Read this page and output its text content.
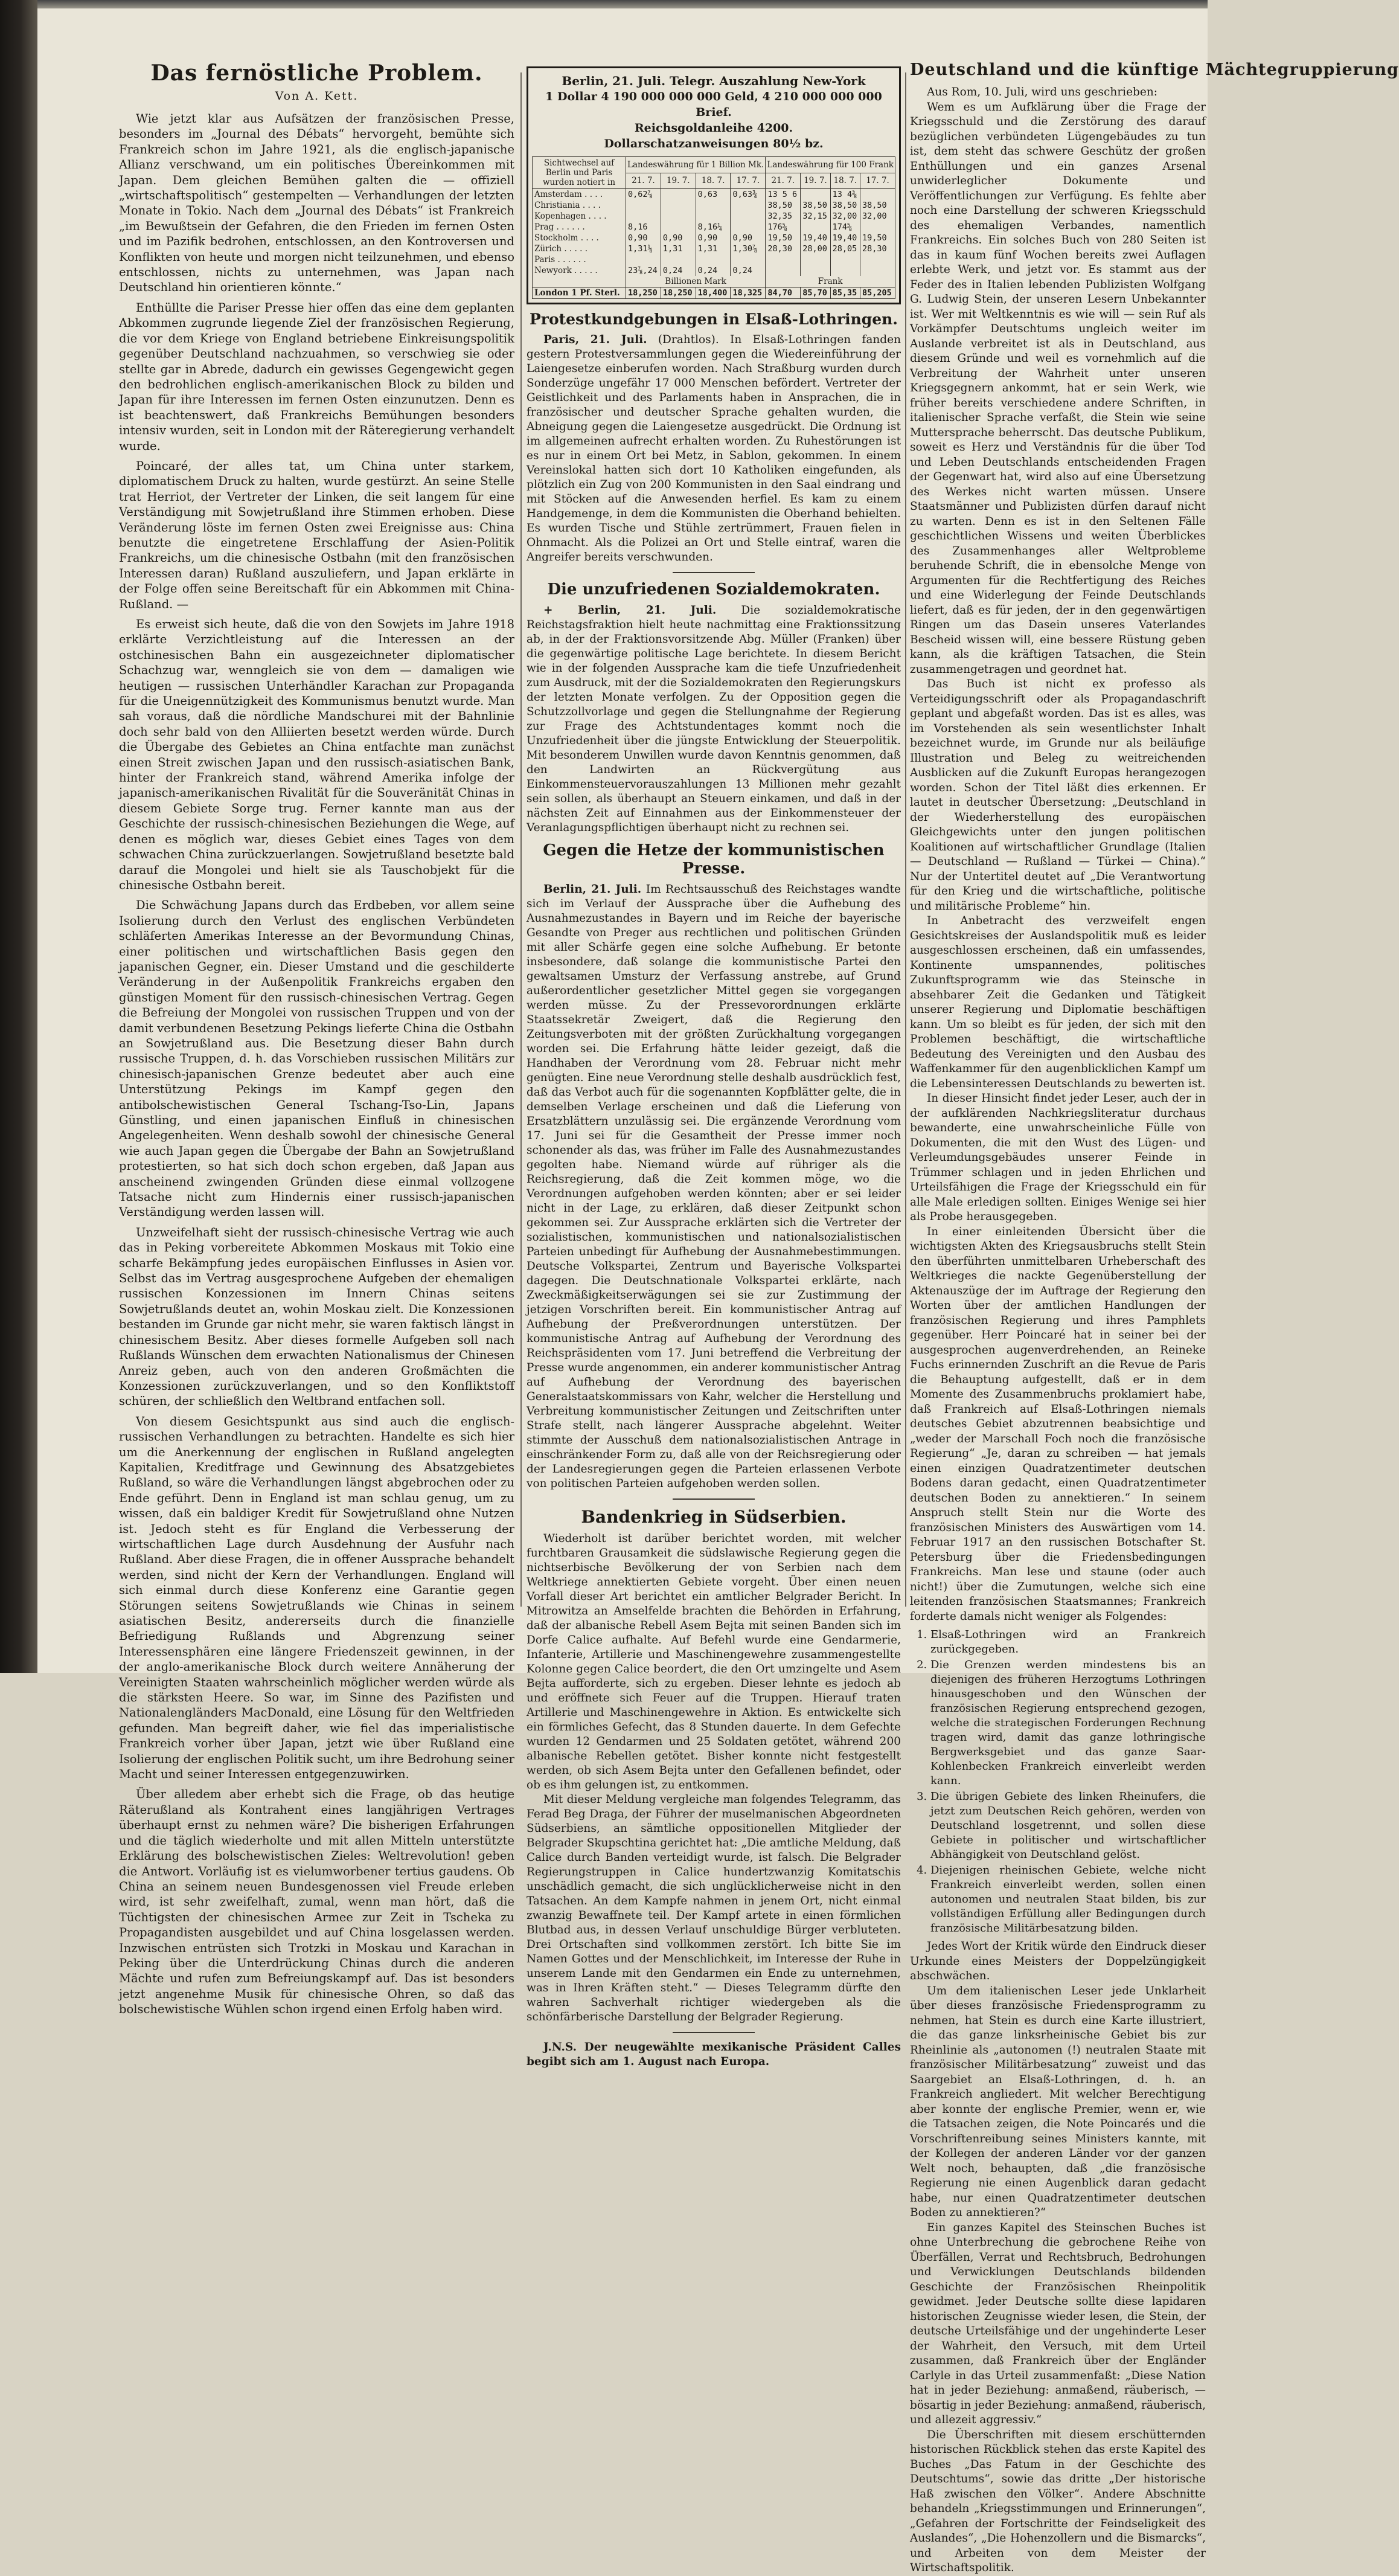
Das fernöstliche Problem.
Von A. Kett.

Wie jetzt klar aus Aufsätzen der französischen Presse, besonders im „Journal des Débats“ hervorgeht, bemühte sich Frankreich schon im Jahre 1921, als die englisch-japanische Allianz verschwand, um ein politisches Übereinkommen mit Japan. Dem gleichen Bemühen galten die — offiziell „wirtschaftspolitisch“ gestempelten — Verhandlungen der letzten Monate in Tokio. Nach dem „Journal des Débats“ ist Frankreich „im Bewußtsein der Gefahren, die den Frieden im fernen Osten und im Pazifik bedrohen, entschlossen, an den Kontroversen und Konflikten von heute und morgen nicht teilzunehmen, und ebenso entschlossen, nichts zu unternehmen, was Japan nach Deutschland hin orientieren könnte.“

Enthüllte die Pariser Presse hier offen das eine dem geplanten Abkommen zugrunde liegende Ziel der französischen Regierung, die vor dem Kriege von England betriebene Einkreisungspolitik gegenüber Deutschland nachzuahmen, so verschwieg sie oder stellte gar in Abrede, dadurch ein gewisses Gegengewicht gegen den bedrohlichen englisch-amerikanischen Block zu bilden und Japan für ihre Interessen im fernen Osten einzunutzen. Denn es ist beachtenswert, daß Frankreichs Bemühungen besonders intensiv wurden, seit in London mit der Räteregierung verhandelt wurde.

Poincaré, der alles tat, um China unter starkem, diplomatischem Druck zu halten, wurde gestürzt. An seine Stelle trat Herriot, der Vertreter der Linken, die seit langem für eine Verständigung mit Sowjetrußland ihre Stimmen erhoben. Diese Veränderung löste im fernen Osten zwei Ereignisse aus: China benutzte die eingetretene Erschlaffung der Asien-Politik Frankreichs, um die chinesische Ostbahn (mit den französischen Interessen daran) Rußland auszuliefern, und Japan erklärte in der Folge offen seine Bereitschaft für ein Abkommen mit China-Rußland. —

Es erweist sich heute, daß die von den Sowjets im Jahre 1918 erklärte Verzichtleistung auf die Interessen an der ostchinesischen Bahn ein ausgezeichneter diplomatischer Schachzug war, wenngleich sie von dem — damaligen wie heutigen — russischen Unterhändler Karachan zur Propaganda für die Uneigennützigkeit des Kommunismus benutzt wurde. Man sah voraus, daß die nördliche Mandschurei mit der Bahnlinie doch sehr bald von den Alliierten besetzt werden würde. Durch die Übergabe des Gebietes an China entfachte man zunächst einen Streit zwischen Japan und den russisch-asiatischen Bank, hinter der Frankreich stand, während Amerika infolge der japanisch-amerikanischen Rivalität für die Souveränität Chinas in diesem Gebiete Sorge trug. Ferner kannte man aus der Geschichte der russisch-chinesischen Beziehungen die Wege, auf denen es möglich war, dieses Gebiet eines Tages von dem schwachen China zurückzuerlangen. Sowjetrußland besetzte bald darauf die Mongolei und hielt sie als Tauschobjekt für die chinesische Ostbahn bereit.

Die Schwächung Japans durch das Erdbeben, vor allem seine Isolierung durch den Verlust des englischen Verbündeten schläferten Amerikas Interesse an der Bevormundung Chinas, einer politischen und wirtschaftlichen Basis gegen den japanischen Gegner, ein. Dieser Umstand und die geschilderte Veränderung in der Außenpolitik Frankreichs ergaben den günstigen Moment für den russisch-chinesischen Vertrag. Gegen die Befreiung der Mongolei von russischen Truppen und von der damit verbundenen Besetzung Pekings lieferte China die Ostbahn an Sowjetrußland aus. Die Besetzung dieser Bahn durch russische Truppen, d. h. das Vorschieben russischen Militärs zur chinesisch-japanischen Grenze bedeutet aber auch eine Unterstützung Pekings im Kampf gegen den antibolschewistischen General Tschang-Tso-Lin, Japans Günstling, und einen japanischen Einfluß in chinesischen Angelegenheiten. Wenn deshalb sowohl der chinesische General wie auch Japan gegen die Übergabe der Bahn an Sowjetrußland protestierten, so hat sich doch schon ergeben, daß Japan aus anscheinend zwingenden Gründen diese einmal vollzogene Tatsache nicht zum Hindernis einer russisch-japanischen Verständigung werden lassen will.

Unzweifelhaft sieht der russisch-chinesische Vertrag wie auch das in Peking vorbereitete Abkommen Moskaus mit Tokio eine scharfe Bekämpfung jedes europäischen Einflusses in Asien vor. Selbst das im Vertrag ausgesprochene Aufgeben der ehemaligen russischen Konzessionen im Innern Chinas seitens Sowjetrußlands deutet an, wohin Moskau zielt. Die Konzessionen bestanden im Grunde gar nicht mehr, sie waren faktisch längst in chinesischem Besitz. Aber dieses formelle Aufgeben soll nach Rußlands Wünschen dem erwachten Nationalismus der Chinesen Anreiz geben, auch von den anderen Großmächten die Konzessionen zurückzuverlangen, und so den Konfliktstoff schüren, der schließlich den Weltbrand entfachen soll.

Von diesem Gesichtspunkt aus sind auch die englisch-russischen Verhandlungen zu betrachten. Handelte es sich hier um die Anerkennung der englischen in Rußland angelegten Kapitalien, Kreditfrage und Gewinnung des Absatzgebietes Rußland, so wäre die Verhandlungen längst abgebrochen oder zu Ende geführt. Denn in England ist man schlau genug, um zu wissen, daß ein baldiger Kredit für Sowjetrußland ohne Nutzen ist. Jedoch steht es für England die Verbesserung der wirtschaftlichen Lage durch Ausdehnung der Ausfuhr nach Rußland. Aber diese Fragen, die in offener Aussprache behandelt werden, sind nicht der Kern der Verhandlungen. England will sich einmal durch diese Konferenz eine Garantie gegen Störungen seitens Sowjetrußlands wie Chinas in seinem asiatischen Besitz, andererseits durch die finanzielle Befriedigung Rußlands und Abgrenzung seiner Interessensphären eine längere Friedenszeit gewinnen, in der der anglo-amerikanische Block durch weitere Annäherung der Vereinigten Staaten wahrscheinlich möglicher werden würde als die stärksten Heere. So war, im Sinne des Pazifisten und Nationalengländers MacDonald, eine Lösung für den Weltfrieden gefunden. Man begreift daher, wie fiel das imperialistische Frankreich vorher über Japan, jetzt wie über Rußland eine Isolierung der englischen Politik sucht, um ihre Bedrohung seiner Macht und seiner Interessen entgegenzuwirken.

Über alledem aber erhebt sich die Frage, ob das heutige Räterußland als Kontrahent eines langjährigen Vertrages überhaupt ernst zu nehmen wäre? Die bisherigen Erfahrungen und die täglich wiederholte und mit allen Mitteln unterstützte Erklärung des bolschewistischen Zieles: Weltrevolution! geben die Antwort. Vorläufig ist es vielumworbener tertius gaudens. Ob China an seinem neuen Bundesgenossen viel Freude erleben wird, ist sehr zweifelhaft, zumal, wenn man hört, daß die Tüchtigsten der chinesischen Armee zur Zeit in Tscheka zu Propagandisten ausgebildet und auf China losgelassen werden. Inzwischen entrüsten sich Trotzki in Moskau und Karachan in Peking über die Unterdrückung Chinas durch die anderen Mächte und rufen zum Befreiungskampf auf. Das ist besonders jetzt angenehme Musik für chinesische Ohren, so daß das bolschewistische Wühlen schon irgend einen Erfolg haben wird.

Berlin, 21. Juli. Telegr. Auszahlung New-York
1 Dollar 4 190 000 000 000 Geld, 4 210 000 000 000 Brief.
Reichsgoldanleihe 4200.
Dollarschatzanweisungen 80½ bz.
Sichtwechsel auf Berlin und Paris wurden notiert in	Landeswährung für 1 Billion Mk.				Landeswährung für 100 Frank			
	21. 7.	19. 7.	18. 7.	17. 7.	21. 7.	19. 7.	18. 7.	17. 7.
Amsterdam . . . .	0,62⅞		0,63	0,63¾	13 5 6		13 4⅜	
Christiania . . . .					38,50	38,50	38,50	38,50
Kopenhagen . . . .					32,35	32,15	32,00	32,00
Prag . . . . . .	8,16		8,16¼		176⅝		174⅝	
Stockholm . . . .	0,90	0,90	0,90	0,90	19,50	19,40	19,40	19,50
Zürich . . . . .	1,31⅛	1,31	1,31	1,30⅞	28,30	28,00	28,05	28,30
Paris . . . . . .								
Newyork . . . . .	23⅞,24	0,24	0,24	0,24				
	Billionen Mark				Frank			
London 1 Pf. Sterl.	18,250	18,250	18,400	18,325	84,70	85,70	85,35	85,205
Protestkundgebungen in Elsaß-Lothringen.

Paris, 21. Juli. (Drahtlos). In Elsaß-Lothringen fanden gestern Protestversammlungen gegen die Wiedereinführung der Laiengesetze einberufen worden. Nach Straßburg wurden durch Sonderzüge ungefähr 17 000 Menschen befördert. Vertreter der Geistlichkeit und des Parlaments haben in Ansprachen, die in französischer und deutscher Sprache gehalten wurden, die Abneigung gegen die Laiengesetze ausgedrückt. Die Ordnung ist im allgemeinen aufrecht erhalten worden. Zu Ruhestörungen ist es nur in einem Ort bei Metz, in Sablon, gekommen. In einem Vereinslokal hatten sich dort 10 Katholiken eingefunden, als plötzlich ein Zug von 200 Kommunisten in den Saal eindrang und mit Stöcken auf die Anwesenden herfiel. Es kam zu einem Handgemenge, in dem die Kommunisten die Oberhand behielten. Es wurden Tische und Stühle zertrümmert, Frauen fielen in Ohnmacht. Als die Polizei an Ort und Stelle eintraf, waren die Angreifer bereits verschwunden.

Die unzufriedenen Sozialdemokraten.

+ Berlin, 21. Juli. Die sozialdemokratische Reichstagsfraktion hielt heute nachmittag eine Fraktionssitzung ab, in der der Fraktionsvorsitzende Abg. Müller (Franken) über die gegenwärtige politische Lage berichtete. In diesem Bericht wie in der folgenden Aussprache kam die tiefe Unzufriedenheit zum Ausdruck, mit der die Sozialdemokraten den Regierungskurs der letzten Monate verfolgen. Zu der Opposition gegen die Schutzzollvorlage und gegen die Stellungnahme der Regierung zur Frage des Achtstundentages kommt noch die Unzufriedenheit über die jüngste Entwicklung der Steuerpolitik. Mit besonderem Unwillen wurde davon Kenntnis genommen, daß den Landwirten an Rückvergütung aus Einkommensteuervorauszahlungen 13 Millionen mehr gezahlt sein sollen, als überhaupt an Steuern einkamen, und daß in der nächsten Zeit auf Einnahmen aus der Einkommensteuer der Veranlagungspflichtigen überhaupt nicht zu rechnen sei.

Gegen die Hetze der kommunistischen Presse.

Berlin, 21. Juli. Im Rechtsausschuß des Reichstages wandte sich im Verlauf der Aussprache über die Aufhebung des Ausnahmezustandes in Bayern und im Reiche der bayerische Gesandte von Preger aus rechtlichen und politischen Gründen mit aller Schärfe gegen eine solche Aufhebung. Er betonte insbesondere, daß solange die kommunistische Partei den gewaltsamen Umsturz der Verfassung anstrebe, auf Grund außerordentlicher gesetzlicher Mittel gegen sie vorgegangen werden müsse. Zu der Pressevorordnungen erklärte Staatssekretär Zweigert, daß die Regierung den Zeitungsverboten mit der größten Zurückhaltung vorgegangen worden sei. Die Erfahrung hätte leider gezeigt, daß die Handhaben der Verordnung vom 28. Februar nicht mehr genügten. Eine neue Verordnung stelle deshalb ausdrücklich fest, daß das Verbot auch für die sogenannten Kopfblätter gelte, die in demselben Verlage erscheinen und daß die Lieferung von Ersatzblättern unzulässig sei. Die ergänzende Verordnung vom 17. Juni sei für die Gesamtheit der Presse immer noch schonender als das, was früher im Falle des Ausnahmezustandes gegolten habe. Niemand würde auf rühriger als die Reichsregierung, daß die Zeit kommen möge, wo die Verordnungen aufgehoben werden könnten; aber er sei leider nicht in der Lage, zu erklären, daß dieser Zeitpunkt schon gekommen sei. Zur Aussprache erklärten sich die Vertreter der sozialistischen, kommunistischen und nationalsozialistischen Parteien unbedingt für Aufhebung der Ausnahmebestimmungen. Deutsche Volkspartei, Zentrum und Bayerische Volkspartei dagegen. Die Deutschnationale Volkspartei erklärte, nach Zweckmäßigkeitserwägungen sei sie zur Zustimmung der jetzigen Vorschriften bereit. Ein kommunistischer Antrag auf Aufhebung der Preßverordnungen unterstützen. Der kommunistische Antrag auf Aufhebung der Verordnung des Reichspräsidenten vom 17. Juni betreffend die Verbreitung der Presse wurde angenommen, ein anderer kommunistischer Antrag auf Aufhebung der Verordnung des bayerischen Generalstaatskommissars von Kahr, welcher die Herstellung und Verbreitung kommunistischer Zeitungen und Zeitschriften unter Strafe stellt, nach längerer Aussprache abgelehnt. Weiter stimmte der Ausschuß dem nationalsozialistischen Antrage in einschränkender Form zu, daß alle von der Reichsregierung oder der Landesregierungen gegen die Parteien erlassenen Verbote von politischen Parteien aufgehoben werden sollen.

Bandenkrieg in Südserbien.

Wiederholt ist darüber berichtet worden, mit welcher furchtbaren Grausamkeit die südslawische Regierung gegen die nichtserbische Bevölkerung der von Serbien nach dem Weltkriege annektierten Gebiete vorgeht. Über einen neuen Vorfall dieser Art berichtet ein amtlicher Belgrader Bericht. In Mitrowitza an Amselfelde brachten die Behörden in Erfahrung, daß der albanische Rebell Asem Bejta mit seinen Banden sich im Dorfe Calice aufhalte. Auf Befehl wurde eine Gendarmerie, Infanterie, Artillerie und Maschinengewehre zusammengestellte Kolonne gegen Calice beordert, die den Ort umzingelte und Asem Bejta aufforderte, sich zu ergeben. Dieser lehnte es jedoch ab und eröffnete sich Feuer auf die Truppen. Hierauf traten Artillerie und Maschinengewehre in Aktion. Es entwickelte sich ein förmliches Gefecht, das 8 Stunden dauerte. In dem Gefechte wurden 12 Gendarmen und 25 Soldaten getötet, während 200 albanische Rebellen getötet. Bisher konnte nicht festgestellt werden, ob sich Asem Bejta unter den Gefallenen befindet, oder ob es ihm gelungen ist, zu entkommen.

Mit dieser Meldung vergleiche man folgendes Telegramm, das Ferad Beg Draga, der Führer der muselmanischen Abgeordneten Südserbiens, an sämtliche oppositionellen Mitglieder der Belgrader Skupschtina gerichtet hat: „Die amtliche Meldung, daß Calice durch Banden verteidigt wurde, ist falsch. Die Belgrader Regierungstruppen in Calice hundertzwanzig Komitatschis unschädlich gemacht, die sich unglücklicherweise nicht in den Tatsachen. An dem Kampfe nahmen in jenem Ort, nicht einmal zwanzig Bewaffnete teil. Der Kampf artete in einen förmlichen Blutbad aus, in dessen Verlauf unschuldige Bürger verbluteten. Drei Ortschaften sind vollkommen zerstört. Ich bitte Sie im Namen Gottes und der Menschlichkeit, im Interesse der Ruhe in unserem Lande mit den Gendarmen ein Ende zu unternehmen, was in Ihren Kräften steht.“ — Dieses Telegramm dürfte den wahren Sachverhalt richtiger wiedergeben als die schönfärberische Darstellung der Belgrader Regierung.

J.N.S. Der neugewählte mexikanische Präsident Calles begibt sich am 1. August nach Europa.

Deutschland und die künftige Mächtegruppierung

Aus Rom, 10. Juli, wird uns geschrieben:

Wem es um Aufklärung über die Frage der Kriegsschuld und die Zerstörung des darauf bezüglichen verbündeten Lügengebäudes zu tun ist, dem steht das schwere Geschütz der großen Enthüllungen und ein ganzes Arsenal unwiderleglicher Dokumente und Veröffentlichungen zur Verfügung. Es fehlte aber noch eine Darstellung der schweren Kriegsschuld des ehemaligen Verbandes, namentlich Frankreichs. Ein solches Buch von 280 Seiten ist das in kaum fünf Wochen bereits zwei Auflagen erlebte Werk, und jetzt vor. Es stammt aus der Feder des in Italien lebenden Publizisten Wolfgang G. Ludwig Stein, der unseren Lesern Unbekannter ist. Wer mit Weltkenntnis es wie will — sein Ruf als Vorkämpfer Deutschtums ungleich weiter im Auslande verbreitet ist als in Deutschland, aus diesem Gründe und weil es vornehmlich auf die Verbreitung der Wahrheit unter unseren Kriegsgegnern ankommt, hat er sein Werk, wie früher bereits verschiedene andere Schriften, in italienischer Sprache verfaßt, die Stein wie seine Muttersprache beherrscht. Das deutsche Publikum, soweit es Herz und Verständnis für die über Tod und Leben Deutschlands entscheidenden Fragen der Gegenwart hat, wird also auf eine Übersetzung des Werkes nicht warten müssen. Unsere Staatsmänner und Publizisten dürfen darauf nicht zu warten. Denn es ist in den Seltenen Fälle geschichtlichen Wissens und weiten Überblickes des Zusammenhanges aller Weltprobleme beruhende Schrift, die in ebensolche Menge von Argumenten für die Rechtfertigung des Reiches und eine Widerlegung der Feinde Deutschlands liefert, daß es für jeden, der in den gegenwärtigen Ringen um das Dasein unseres Vaterlandes Bescheid wissen will, eine bessere Rüstung geben kann, als die kräftigen Tatsachen, die Stein zusammengetragen und geordnet hat.

Das Buch ist nicht ex professo als Verteidigungsschrift oder als Propagandaschrift geplant und abgefaßt worden. Das ist es alles, was im Vorstehenden als sein wesentlichster Inhalt bezeichnet wurde, im Grunde nur als beiläufige Illustration und Beleg zu weitreichenden Ausblicken auf die Zukunft Europas herangezogen worden. Schon der Titel läßt dies erkennen. Er lautet in deutscher Übersetzung: „Deutschland in der Wiederherstellung des europäischen Gleichgewichts unter den jungen politischen Koalitionen auf wirtschaftlicher Grundlage (Italien — Deutschland — Rußland — Türkei — China).“ Nur der Untertitel deutet auf „Die Verantwortung für den Krieg und die wirtschaftliche, politische und militärische Probleme“ hin.

In Anbetracht des verzweifelt engen Gesichtskreises der Auslandspolitik muß es leider ausgeschlossen erscheinen, daß ein umfassendes, Kontinente umspannendes, politisches Zukunftsprogramm wie das Steinsche in absehbarer Zeit die Gedanken und Tätigkeit unserer Regierung und Diplomatie beschäftigen kann. Um so bleibt es für jeden, der sich mit den Problemen beschäftigt, die wirtschaftliche Bedeutung des Vereinigten und den Ausbau des Waffenkammer für den augenblicklichen Kampf um die Lebensinteressen Deutschlands zu bewerten ist.

In dieser Hinsicht findet jeder Leser, auch der in der aufklärenden Nachkriegsliteratur durchaus bewanderte, eine unwahrscheinliche Fülle von Dokumenten, die mit den Wust des Lügen- und Verleumdungsgebäudes unserer Feinde in Trümmer schlagen und in jeden Ehrlichen und Urteilsfähigen die Frage der Kriegsschuld ein für alle Male erledigen sollten. Einiges Wenige sei hier als Probe herausgegeben.

In einer einleitenden Übersicht über die wichtigsten Akten des Kriegsausbruchs stellt Stein den überführten unmittelbaren Urheberschaft des Weltkrieges die nackte Gegenüberstellung der Aktenauszüge der im Auftrage der Regierung den Worten über der amtlichen Handlungen der französischen Regierung und ihres Pamphlets gegenüber. Herr Poincaré hat in seiner bei der ausgesprochen augenverdrehenden, an Reineke Fuchs erinnernden Zuschrift an die Revue de Paris die Behauptung aufgestellt, daß er in dem Momente des Zusammenbruchs proklamiert habe, daß Frankreich auf Elsaß-Lothringen niemals deutsches Gebiet abzutrennen beabsichtige und „weder der Marschall Foch noch die französische Regierung“ „Je, daran zu schreiben — hat jemals einen einzigen Quadratzentimeter deutschen Bodens daran gedacht, einen Quadratzentimeter deutschen Boden zu annektieren.“ In seinem Anspruch stellt Stein nur die Worte des französischen Ministers des Auswärtigen vom 14. Februar 1917 an den russischen Botschafter St. Petersburg über die Friedensbedingungen Frankreichs. Man lese und staune (oder auch nicht!) über die Zumutungen, welche sich eine leitenden französischen Staatsmannes; Frankreich forderte damals nicht weniger als Folgendes:

1. Elsaß-Lothringen wird an Frankreich zurückgegeben.
2. Die Grenzen werden mindestens bis an diejenigen des früheren Herzogtums Lothringen hinausgeschoben und den Wünschen der französischen Regierung entsprechend gezogen, welche die strategischen Forderungen Rechnung tragen wird, damit das ganze lothringische Bergwerksgebiet und das ganze Saar-Kohlenbecken Frankreich einverleibt werden kann.
3. Die übrigen Gebiete des linken Rheinufers, die jetzt zum Deutschen Reich gehören, werden von Deutschland losgetrennt, und sollen diese Gebiete in politischer und wirtschaftlicher Abhängigkeit von Deutschland gelöst.
4. Diejenigen rheinischen Gebiete, welche nicht Frankreich einverleibt werden, sollen einen autonomen und neutralen Staat bilden, bis zur vollständigen Erfüllung aller Bedingungen durch französische Militärbesatzung bilden.

Jedes Wort der Kritik würde den Eindruck dieser Urkunde eines Meisters der Doppelzüngigkeit abschwächen.

Um dem italienischen Leser jede Unklarheit über dieses französische Friedensprogramm zu nehmen, hat Stein es durch eine Karte illustriert, die das ganze linksrheinische Gebiet bis zur Rheinlinie als „autonomen (!) neutralen Staate mit französischer Militärbesatzung“ zuweist und das Saargebiet an Elsaß-Lothringen, d. h. an Frankreich angliedert. Mit welcher Berechtigung aber konnte der englische Premier, wenn er, wie die Tatsachen zeigen, die Note Poincarés und die Vorschriftenreibung seines Ministers kannte, mit der Kollegen der anderen Länder vor der ganzen Welt noch, behaupten, daß „die französische Regierung nie einen Augenblick daran gedacht habe, nur einen Quadratzentimeter deutschen Boden zu annektieren?“

Ein ganzes Kapitel des Steinschen Buches ist ohne Unterbrechung die gebrochene Reihe von Überfällen, Verrat und Rechtsbruch, Bedrohungen und Verwicklungen Deutschlands bildenden Geschichte der Französischen Rheinpolitik gewidmet. Jeder Deutsche sollte diese lapidaren historischen Zeugnisse wieder lesen, die Stein, der deutsche Urteilsfähige und der ungehinderte Leser der Wahrheit, den Versuch, mit dem Urteil zusammen, daß Frankreich über der Engländer Carlyle in das Urteil zusammenfaßt: „Diese Nation hat in jeder Beziehung: anmaßend, räuberisch, — bösartig in jeder Beziehung: anmaßend, räuberisch, und allezeit aggressiv.“

Die Überschriften mit diesem erschütternden historischen Rückblick stehen das erste Kapitel des Buches „Das Fatum in der Geschichte des Deutschtums“, sowie das dritte „Der historische Haß zwischen den Völker“. Andere Abschnitte behandeln „Kriegsstimmungen und Erinnerungen“, „Gefahren der Fortschritte der Feindseligkeit des Auslandes“, „Die Hohenzollern und die Bismarcks“, und Arbeiten von dem Meister der Wirtschaftspolitik.
